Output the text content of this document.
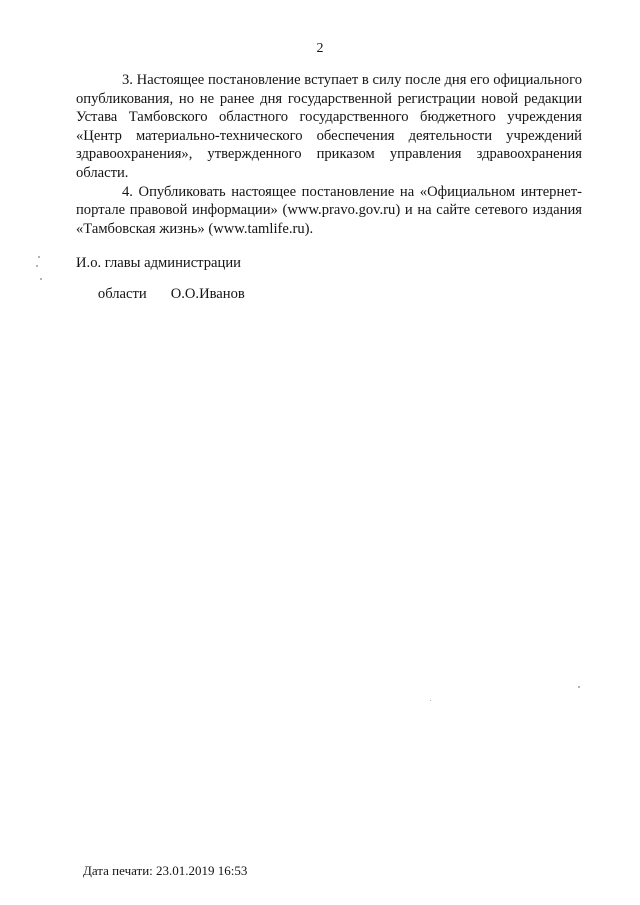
2

3. Настоящее постановление вступает в силу после дня его официального опубликования, но не ранее дня государственной регистрации новой редакции Устава Тамбовского областного государственного бюджетного учреждения «Центр материально-технического обеспечения деятельности учреждений здравоохранения», утвержденного приказом управления здравоохранения области.

4. Опубликовать настоящее постановление на «Официальном интернет-портале правовой информации» (www.pravo.gov.ru) и на сайте сетевого издания «Тамбовская жизнь» (www.tamlife.ru).

И.о. главы администрации

области О.О.Иванов

Дата печати: 23.01.2019 16:53
